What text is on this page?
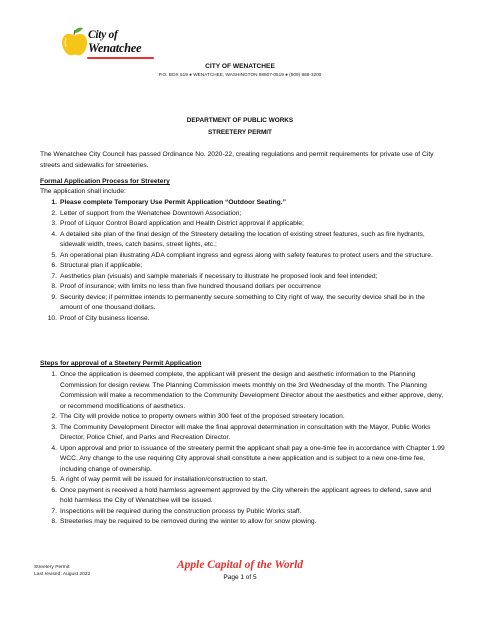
City of
Wenatchee
CITY OF WENATCHEE
P.O. BOX 519 ● WENATCHEE, WASHINGTON 98807-0519 ● (509) 888-3200
DEPARTMENT OF PUBLIC WORKS
STREETERY PERMIT
The Wenatchee City Council has passed Ordinance No. 2020-22, creating regulations and permit requirements for private use of City streets and sidewalks for streeteries.
Formal Application Process for Streetery
The application shall include:
1. Please complete Temporary Use Permit Application “Outdoor Seating.”
2. Letter of support from the Wenatchee Downtown Association;
3. Proof of Liquor Control Board application and Health District approval if applicable;
4. A detailed site plan of the final design of the Streetery detailing the location of existing street features, such as fire hydrants, sidewalk width, trees, catch basins, street lights, etc.;
5. An operational plan illustrating ADA compliant ingress and egress along with safety features to protect users and the structure.
6. Structural plan if applicable;
7. Aesthetics plan (visuals) and sample materials if necessary to illustrate he proposed look and feel intended;
8. Proof of insurance; with limits no less than five hundred thousand dollars per occurrence
9. Security device; if permittee intends to permanently secure something to City right of way, the security device shall be in the amount of one thousand dollars.
10. Proof of City business license.
Steps for approval of a Steetery Permit Application
1. Once the application is deemed complete, the applicant will present the design and aesthetic information to the Planning Commission for design review. The Planning Commission meets monthly on the 3rd Wednesday of the month. The Planning Commission will make a recommendation to the Community Development Director about the aesthetics and either approve, deny, or recommend modifications of aesthetics.
2. The City will provide notice to property owners within 300 feet of the proposed streetery location.
3. The Community Development Director will make the final approval determination in consultation with the Mayor, Public Works Director, Police Chief, and Parks and Recreation Director.
4. Upon approval and prior to issuance of the streetery permit the applicant shall pay a one-time fee in accordance with Chapter 1.99 WCC. Any change to the use requiring City approval shall constitute a new application and is subject to a new one-time fee, including change of ownership.
5. A right of way permit will be issued for installation/construction to start.
6. Once payment is received a hold harmless agreement approved by the City wherein the applicant agrees to defend, save and hold harmless the City of Wenatchee will be issued.
7. Inspections will be required during the construction process by Public Works staff.
8. Streeteries may be required to be removed during the winter to allow for snow plowing.
Streetery Permit
Last revised: August 2022
Apple Capital of the World
Page 1 of 5
